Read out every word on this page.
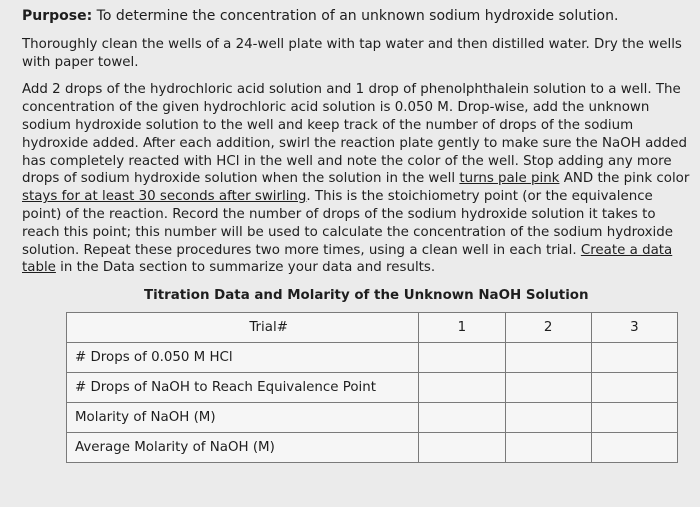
Purpose: To determine the concentration of an unknown sodium hydroxide solution.

Thoroughly clean the wells of a 24-well plate with tap water and then distilled water. Dry the wells with paper towel.

Add 2 drops of the hydrochloric acid solution and 1 drop of phenolphthalein solution to a well. The concentration of the given hydrochloric acid solution is 0.050 M. Drop-wise, add the unknown sodium hydroxide solution to the well and keep track of the number of drops of the sodium hydroxide added. After each addition, swirl the reaction plate gently to make sure the NaOH added has completely reacted with HCl in the well and note the color of the well. Stop adding any more drops of sodium hydroxide solution when the solution in the well turns pale pink AND the pink color stays for at least 30 seconds after swirling. This is the stoichiometry point (or the equivalence point) of the reaction. Record the number of drops of the sodium hydroxide solution it takes to reach this point; this number will be used to calculate the concentration of the sodium hydroxide solution. Repeat these procedures two more times, using a clean well in each trial. Create a data table in the Data section to summarize your data and results.

Titration Data and Molarity of the Unknown NaOH Solution
Trial#	1	2	3
# Drops of 0.050 M HCl			
# Drops of NaOH to Reach Equivalence Point			
Molarity of NaOH (M)			
Average Molarity of NaOH (M)			
